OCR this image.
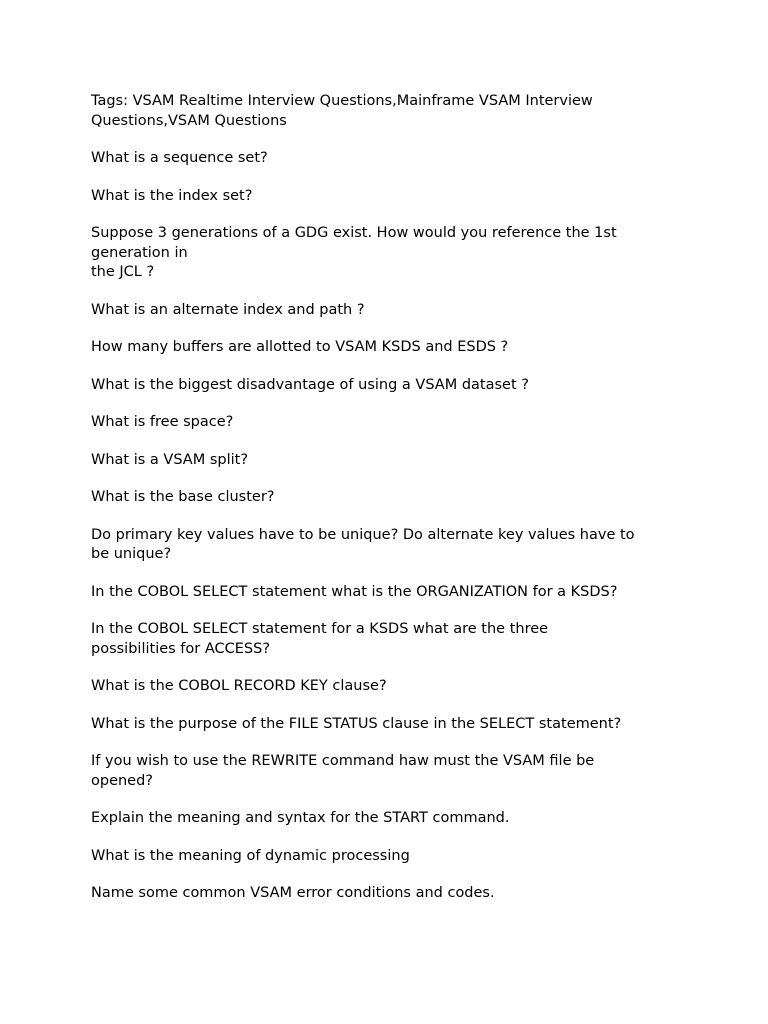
Tags: VSAM Realtime Interview Questions,Mainframe VSAM Interview
Questions,VSAM Questions

What is a sequence set?

What is the index set?

Suppose 3 generations of a GDG exist. How would you reference the 1st
generation in
the JCL ?

What is an alternate index and path ?

How many buffers are allotted to VSAM KSDS and ESDS ?

What is the biggest disadvantage of using a VSAM dataset ?

What is free space?

What is a VSAM split?

What is the base cluster?

Do primary key values have to be unique? Do alternate key values have to
be unique?

In the COBOL SELECT statement what is the ORGANIZATION for a KSDS?

In the COBOL SELECT statement for a KSDS what are the three
possibilities for ACCESS?

What is the COBOL RECORD KEY clause?

What is the purpose of the FILE STATUS clause in the SELECT statement?

If you wish to use the REWRITE command haw must the VSAM file be
opened?

Explain the meaning and syntax for the START command.

What is the meaning of dynamic processing

Name some common VSAM error conditions and codes.
